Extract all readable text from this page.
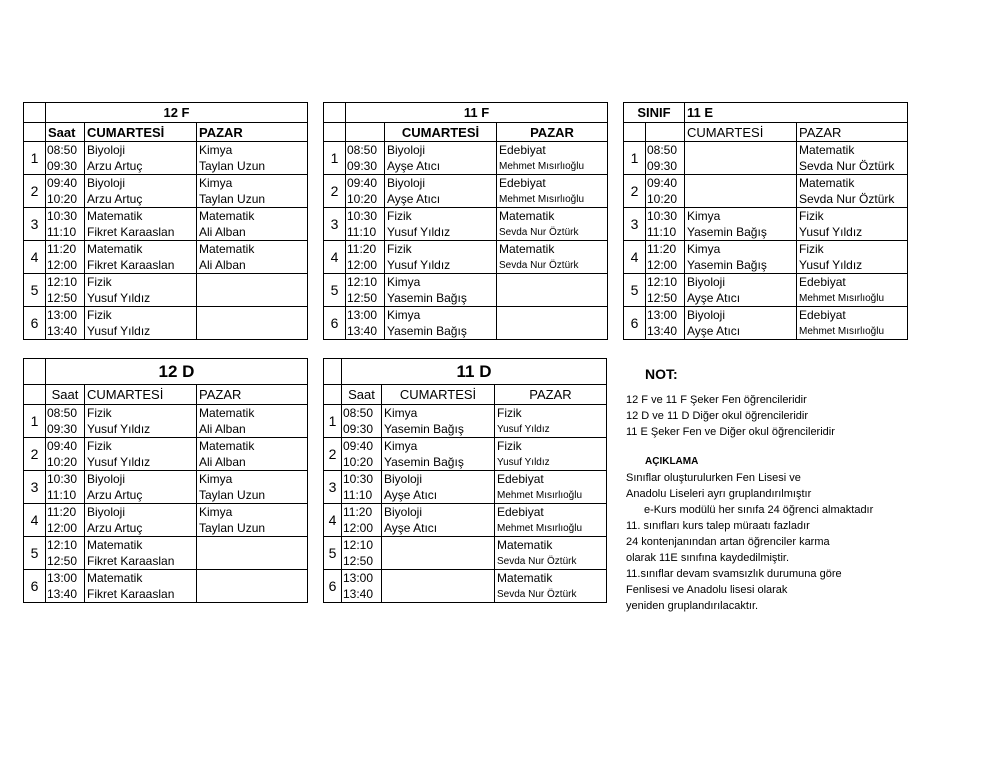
	12 F		
	Saat	CUMARTESİ	PAZAR
1	08:50	Biyoloji	Kimya
	09:30	Arzu Artuç	Taylan Uzun
2	09:40	Biyoloji	Kimya
	10:20	Arzu Artuç	Taylan Uzun
3	10:30	Matematik	Matematik
	11:10	Fikret Karaaslan	Ali Alban
4	11:20	Matematik	Matematik
	12:00	Fikret Karaaslan	Ali Alban
5	12:10	Fizik	
	12:50	Yusuf Yıldız	
6	13:00	Fizik	
	13:40	Yusuf Yıldız	
	11 F		
		CUMARTESİ	PAZAR
1	08:50	Biyoloji	Edebiyat
	09:30	Ayşe Atıcı	Mehmet Mısırlıoğlu
2	09:40	Biyoloji	Edebiyat
	10:20	Ayşe Atıcı	Mehmet Mısırlıoğlu
3	10:30	Fizik	Matematik
	11:10	Yusuf Yıldız	Sevda Nur Öztürk
4	11:20	Fizik	Matematik
	12:00	Yusuf Yıldız	Sevda Nur Öztürk
5	12:10	Kimya	
	12:50	Yasemin Bağış	
6	13:00	Kimya	
	13:40	Yasemin Bağış	
SINIF		11 E	
		CUMARTESİ	PAZAR
1	08:50		Matematik
	09:30		Sevda Nur Öztürk
2	09:40		Matematik
	10:20		Sevda Nur Öztürk
3	10:30	Kimya	Fizik
	11:10	Yasemin Bağış	Yusuf Yıldız
4	11:20	Kimya	Fizik
	12:00	Yasemin Bağış	Yusuf Yıldız
5	12:10	Biyoloji	Edebiyat
	12:50	Ayşe Atıcı	Mehmet Mısırlıoğlu
6	13:00	Biyoloji	Edebiyat
	13:40	Ayşe Atıcı	Mehmet Mısırlıoğlu
	12 D		
	Saat	CUMARTESİ	PAZAR
1	08:50	Fizik	Matematik
	09:30	Yusuf Yıldız	Ali Alban
2	09:40	Fizik	Matematik
	10:20	Yusuf Yıldız	Ali Alban
3	10:30	Biyoloji	Kimya
	11:10	Arzu Artuç	Taylan Uzun
4	11:20	Biyoloji	Kimya
	12:00	Arzu Artuç	Taylan Uzun
5	12:10	Matematik	
	12:50	Fikret Karaaslan	
6	13:00	Matematik	
	13:40	Fikret Karaaslan	
	11 D		
	Saat	CUMARTESİ	PAZAR
1	08:50	Kimya	Fizik
	09:30	Yasemin Bağış	Yusuf Yıldız
2	09:40	Kimya	Fizik
	10:20	Yasemin Bağış	Yusuf Yıldız
3	10:30	Biyoloji	Edebiyat
	11:10	Ayşe Atıcı	Mehmet Mısırlıoğlu
4	11:20	Biyoloji	Edebiyat
	12:00	Ayşe Atıcı	Mehmet Mısırlıoğlu
5	12:10		Matematik
	12:50		Sevda Nur Öztürk
6	13:00		Matematik
	13:40		Sevda Nur Öztürk
NOT:
12 F ve 11 F Şeker Fen öğrencileridir
12 D ve 11 D Diğer okul öğrencileridir
11 E Şeker Fen ve Diğer okul öğrencileridir
AÇIKLAMA
Sınıflar oluşturulurken Fen Lisesi ve
Anadolu Liseleri ayrı gruplandırılmıştır
e-Kurs modülü her sınıfa 24 öğrenci almaktadır
11. sınıfları kurs talep müraatı fazladır
24 kontenjanından artan öğrenciler karma
olarak 11E sınıfına kaydedilmiştir.
11.sınıflar devam svamsızlık durumuna göre
Fenlisesi ve Anadolu lisesi olarak
yeniden gruplandırılacaktır.
